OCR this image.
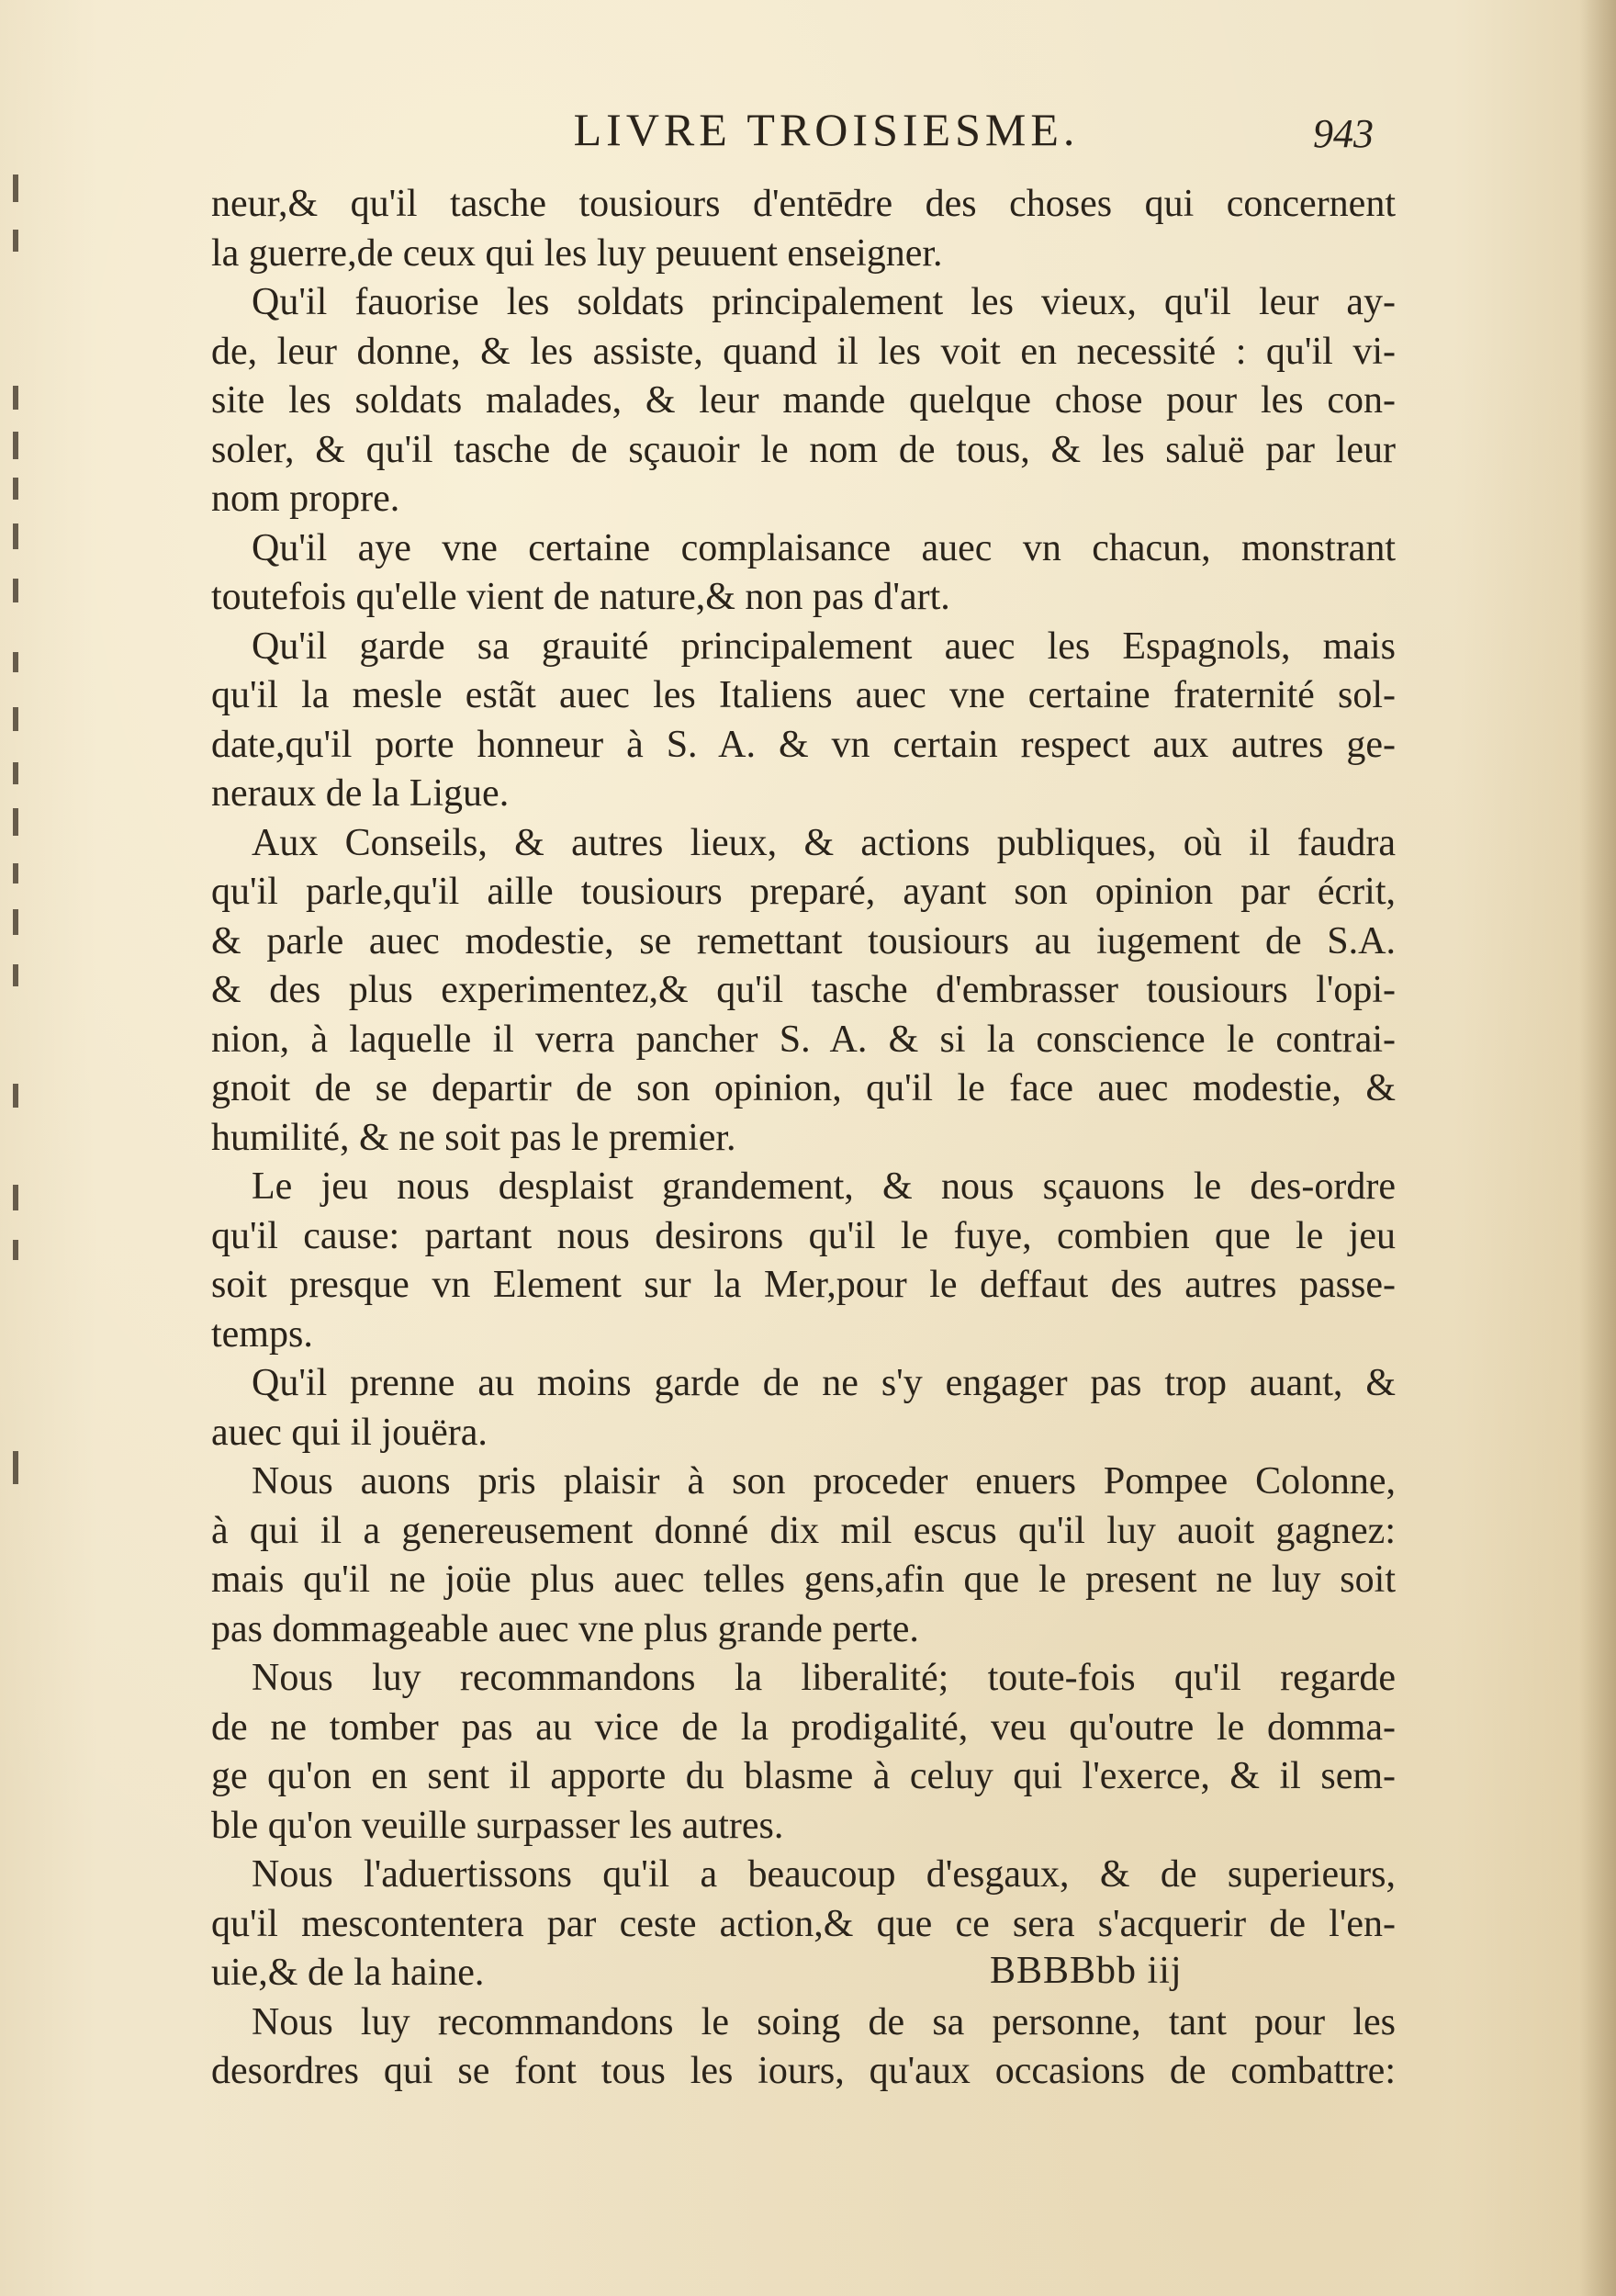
LIVRE TROISIESME.	943
neur,& qu'il tasche tousiours d'entēdre des choses qui concernent
la guerre,de ceux qui les luy peuuent enseigner.
Qu'il fauorise les soldats principalement les vieux, qu'il leur ay-
de, leur donne, & les assiste, quand il les voit en necessité : qu'il vi-
site les soldats malades, & leur mande quelque chose pour les con-
soler, & qu'il tasche de sçauoir le nom de tous, & les saluë par leur
nom propre.
Qu'il aye vne certaine complaisance auec vn chacun, monstrant
toutefois qu'elle vient de nature,& non pas d'art.
Qu'il garde sa grauité principalement auec les Espagnols, mais
qu'il la mesle estãt auec les Italiens auec vne certaine fraternité sol-
date,qu'il porte honneur à S. A. & vn certain respect aux autres ge-
neraux de la Ligue.
Aux Conseils, & autres lieux, & actions publiques, où il faudra
qu'il parle,qu'il aille tousiours preparé, ayant son opinion par écrit,
& parle auec modestie, se remettant tousiours au iugement de S.A.
& des plus experimentez,& qu'il tasche d'embrasser tousiours l'opi-
nion, à laquelle il verra pancher S. A. & si la conscience le contrai-
gnoit de se departir de son opinion, qu'il le face auec modestie, &
humilité, & ne soit pas le premier.
Le jeu nous desplaist grandement, & nous sçauons le des-ordre
qu'il cause: partant nous desirons qu'il le fuye, combien que le jeu
soit presque vn Element sur la Mer,pour le deffaut des autres passe-
temps.
Qu'il prenne au moins garde de ne s'y engager pas trop auant, &
auec qui il jouëra.
Nous auons pris plaisir à son proceder enuers Pompee Colonne,
à qui il a genereusement donné dix mil escus qu'il luy auoit gagnez:
mais qu'il ne joüe plus auec telles gens,afin que le present ne luy soit
pas dommageable auec vne plus grande perte.
Nous luy recommandons la liberalité; toute-fois qu'il regarde
de ne tomber pas au vice de la prodigalité, veu qu'outre le domma-
ge qu'on en sent il apporte du blasme à celuy qui l'exerce, & il sem-
ble qu'on veuille surpasser les autres.
Nous l'aduertissons qu'il a beaucoup d'esgaux, & de superieurs,
qu'il mescontentera par ceste action,& que ce sera s'acquerir de l'en-
uie,& de la haine.
Nous luy recommandons le soing de sa personne, tant pour les
desordres qui se font tous les iours, qu'aux occasions de combattre:
BBBBbb iij
